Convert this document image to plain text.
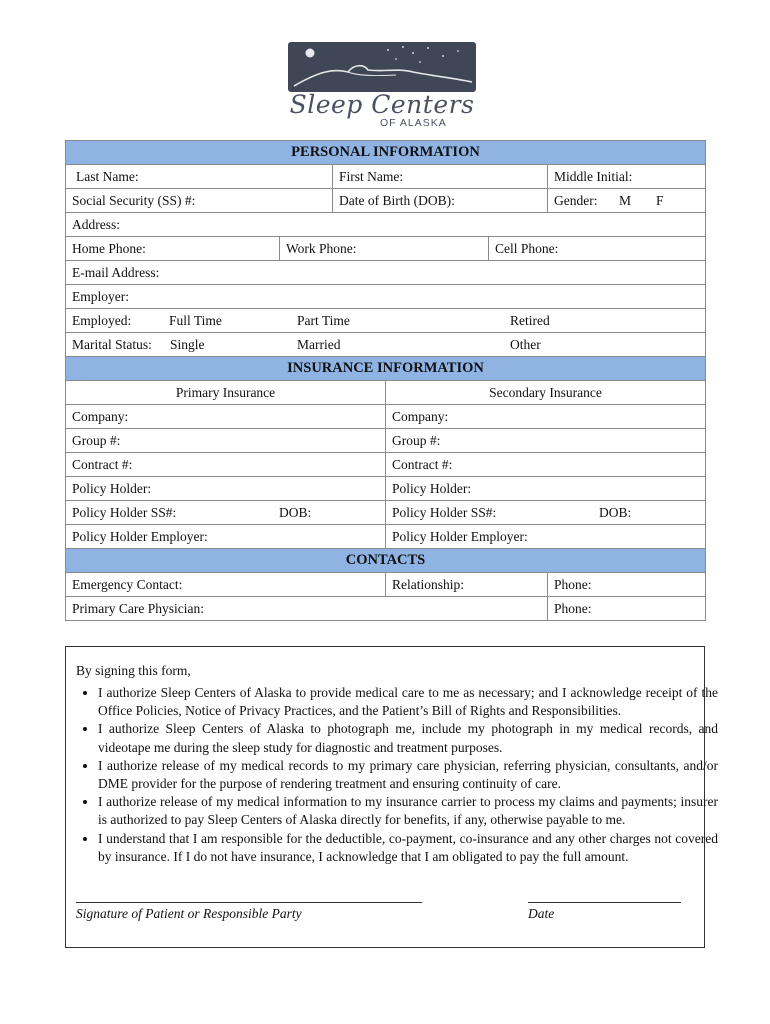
Sleep Centers
OF ALASKA
PERSONAL INFORMATION					
Last Name:		First Name:			Middle Initial:
Social Security (SS) #:		Date of Birth (DOB):			Gender: M F

Address:					
Home Phone:	Work Phone:			Cell Phone:	
E-mail Address:					
Employer:					
Employed: Full Time Part Time Retired					

Marital Status: Single Married Other					

INSURANCE INFORMATION					
Primary Insurance			Secondary Insurance		
Company:			Company:		
Group #:			Group #:		
Contract #:			Contract #:		
Policy Holder:			Policy Holder:		
Policy Holder SS#: DOB:			Policy Holder SS#: DOB:		

Policy Holder Employer:			Policy Holder Employer:		
CONTACTS					
Emergency Contact:			Relationship:		Phone:
Primary Care Physician:					Phone:
By signing this form,
• I authorize Sleep Centers of Alaska to provide medical care to me as necessary; and I acknowledge receipt of the Office Policies, Notice of Privacy Practices, and the Patient’s Bill of Rights and Responsibilities.
• I authorize Sleep Centers of Alaska to photograph me, include my photograph in my medical records, and videotape me during the sleep study for diagnostic and treatment purposes.
• I authorize release of my medical records to my primary care physician, referring physician, consultants, and/or DME provider for the purpose of rendering treatment and ensuring continuity of care.
• I authorize release of my medical information to my insurance carrier to process my claims and payments; insurer is authorized to pay Sleep Centers of Alaska directly for benefits, if any, otherwise payable to me.
• I understand that I am responsible for the deductible, co-payment, co-insurance and any other charges not covered by insurance. If I do not have insurance, I acknowledge that I am obligated to pay the full amount.
Signature of Patient or Responsible Party	Date
